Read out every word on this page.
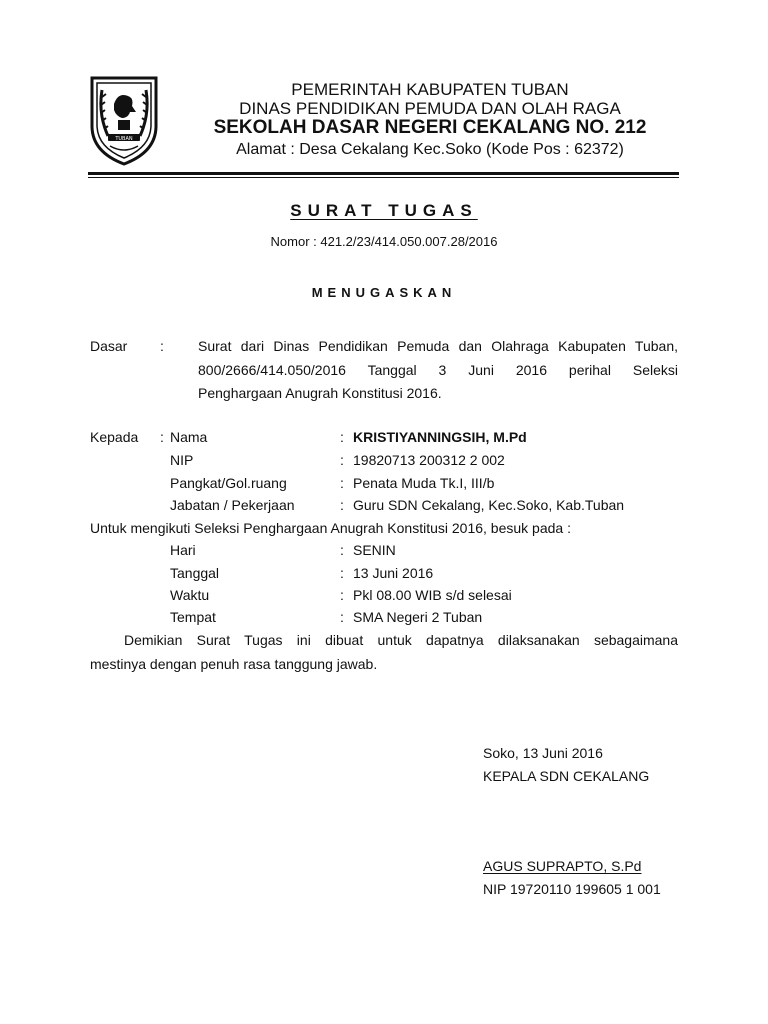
TUBAN
PEMERINTAH KABUPATEN TUBAN
DINAS PENDIDIKAN PEMUDA DAN OLAH RAGA
SEKOLAH DASAR NEGERI CEKALANG NO. 212
Alamat : Desa Cekalang Kec.Soko (Kode Pos : 62372)
SURAT TUGAS
Nomor : 421.2/23/414.050.007.28/2016
MENUGASKAN
Dasar : Surat dari Dinas Pendidikan Pemuda dan Olahraga Kabupaten Tuban,
800/2666/414.050/2016 Tanggal 3 Juni 2016 perihal Seleksi
Penghargaan Anugrah Konstitusi 2016.
Kepada : Nama	: KRISTIYANNINGSIH, M.Pd
NIP	: 19820713 200312 2 002
Pangkat/Gol.ruang	: Penata Muda Tk.I, III/b
Jabatan / Pekerjaan	: Guru SDN Cekalang, Kec.Soko, Kab.Tuban
Untuk mengikuti Seleksi Penghargaan Anugrah Konstitusi 2016, besuk pada :
Hari	: SENIN
Tanggal	: 13 Juni 2016
Waktu	: Pkl 08.00 WIB s/d selesai
Tempat	: SMA Negeri 2 Tuban
Demikian Surat Tugas ini dibuat untuk dapatnya dilaksanakan sebagaimana
mestinya dengan penuh rasa tanggung jawab.
Soko, 13 Juni 2016
KEPALA SDN CEKALANG
AGUS SUPRAPTO, S.Pd
NIP 19720110 199605 1 001
